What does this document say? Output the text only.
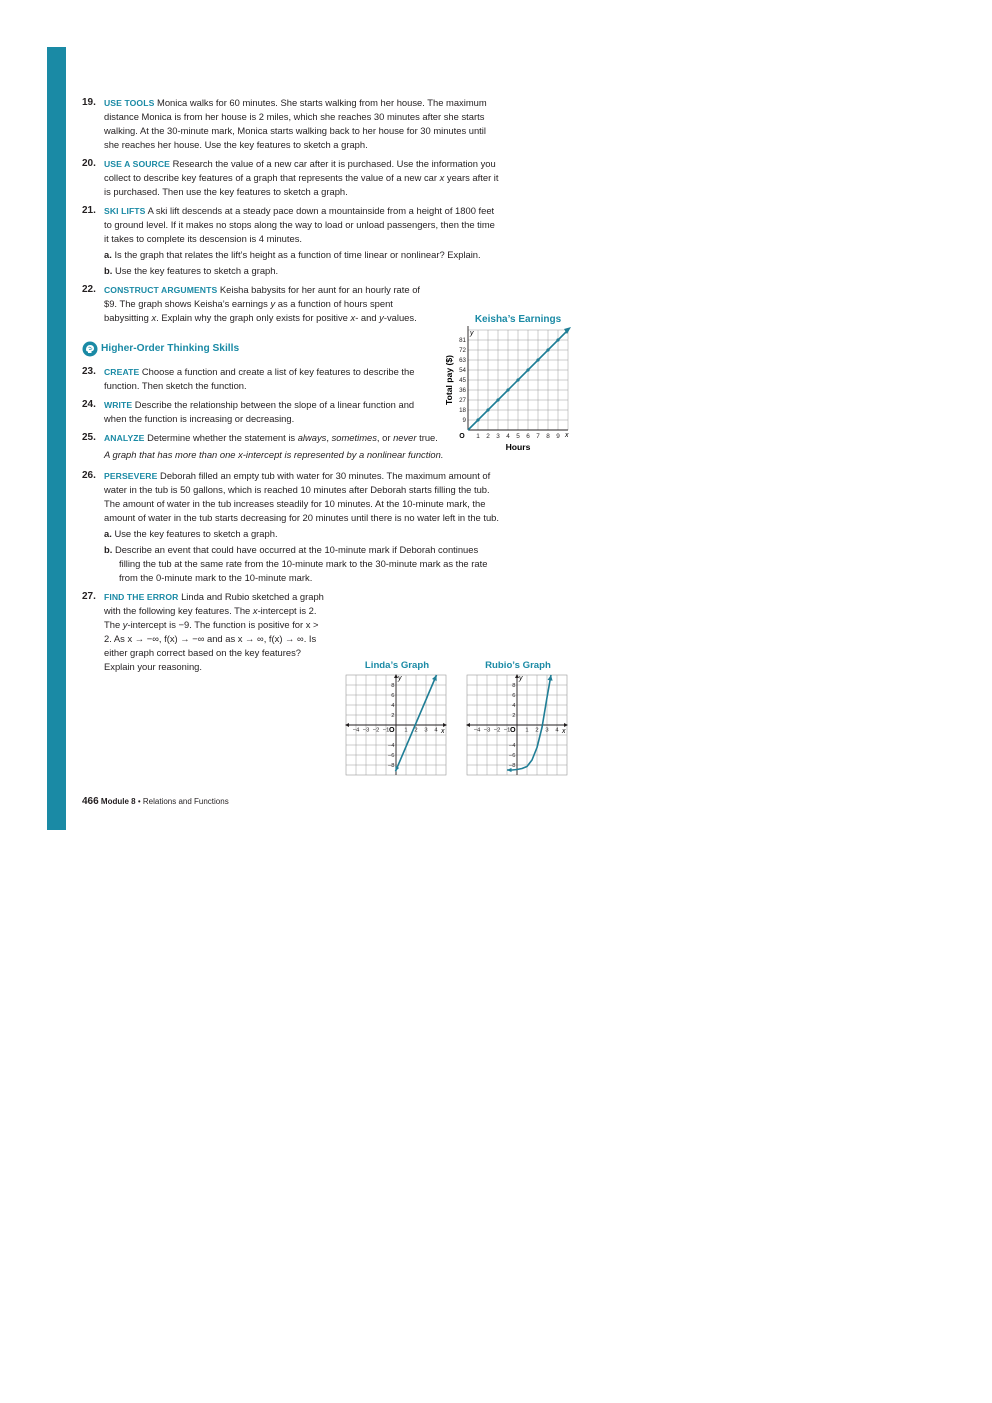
19. USE TOOLS Monica walks for 60 minutes. She starts walking from her house. The maximum distance Monica is from her house is 2 miles, which she reaches 30 minutes after she starts walking. At the 30-minute mark, Monica starts walking back to her house for 30 minutes until she reaches her house. Use the key features to sketch a graph.
20. USE A SOURCE Research the value of a new car after it is purchased. Use the information you collect to describe key features of a graph that represents the value of a new car x years after it is purchased. Then use the key features to sketch a graph.
21. SKI LIFTS A ski lift descends at a steady pace down a mountainside from a height of 1800 feet to ground level. If it makes no stops along the way to load or unload passengers, then the time it takes to complete its descension is 4 minutes.
a. Is the graph that relates the lift’s height as a function of time linear or nonlinear? Explain.
b. Use the key features to sketch a graph.
22. CONSTRUCT ARGUMENTS Keisha babysits for her aunt for an hourly rate of $9. The graph shows Keisha’s earnings y as a function of hours spent babysitting x. Explain why the graph only exists for positive x- and y-values.
Higher-Order Thinking Skills
23. CREATE Choose a function and create a list of key features to describe the function. Then sketch the function.
24. WRITE Describe the relationship between the slope of a linear function and when the function is increasing or decreasing.
25. ANALYZE Determine whether the statement is always, sometimes, or never true.
A graph that has more than one x-intercept is represented by a nonlinear function.
26. PERSEVERE Deborah filled an empty tub with water for 30 minutes. The maximum amount of water in the tub is 50 gallons, which is reached 10 minutes after Deborah starts filling the tub. The amount of water in the tub increases steadily for 10 minutes. At the 10-minute mark, the amount of water in the tub starts decreasing for 20 minutes until there is no water left in the tub.
a. Use the key features to sketch a graph.
b. Describe an event that could have occurred at the 10-minute mark if Deborah continues filling the tub at the same rate from the 10-minute mark to the 30-minute mark as the rate from the 0-minute mark to the 10-minute mark.
27. FIND THE ERROR Linda and Rubio sketched a graph with the following key features. The x-intercept is 2. The y-intercept is −9. The function is positive for x > 2. As x → −∞, f(x) → −∞ and as x → ∞, f(x) → ∞. Is either graph correct based on the key features? Explain your reasoning.
Keisha’s Earnings
1 2 3 4 5 6 7 8 9
9
18
27
36
45
54
63
72
81
Total pay ($)
Hours
O	x
y
Linda’s Graph
−4 −3 −2 −1	1 2 3 4
−8
−6
−4
2
4
6
8
O	x
y
Rubio’s Graph
−4 −3 −2 −1	1 2 3 4
−8
−6
−4
2
4
6
8
O	x
y
466 Module 8 • Relations and Functions
